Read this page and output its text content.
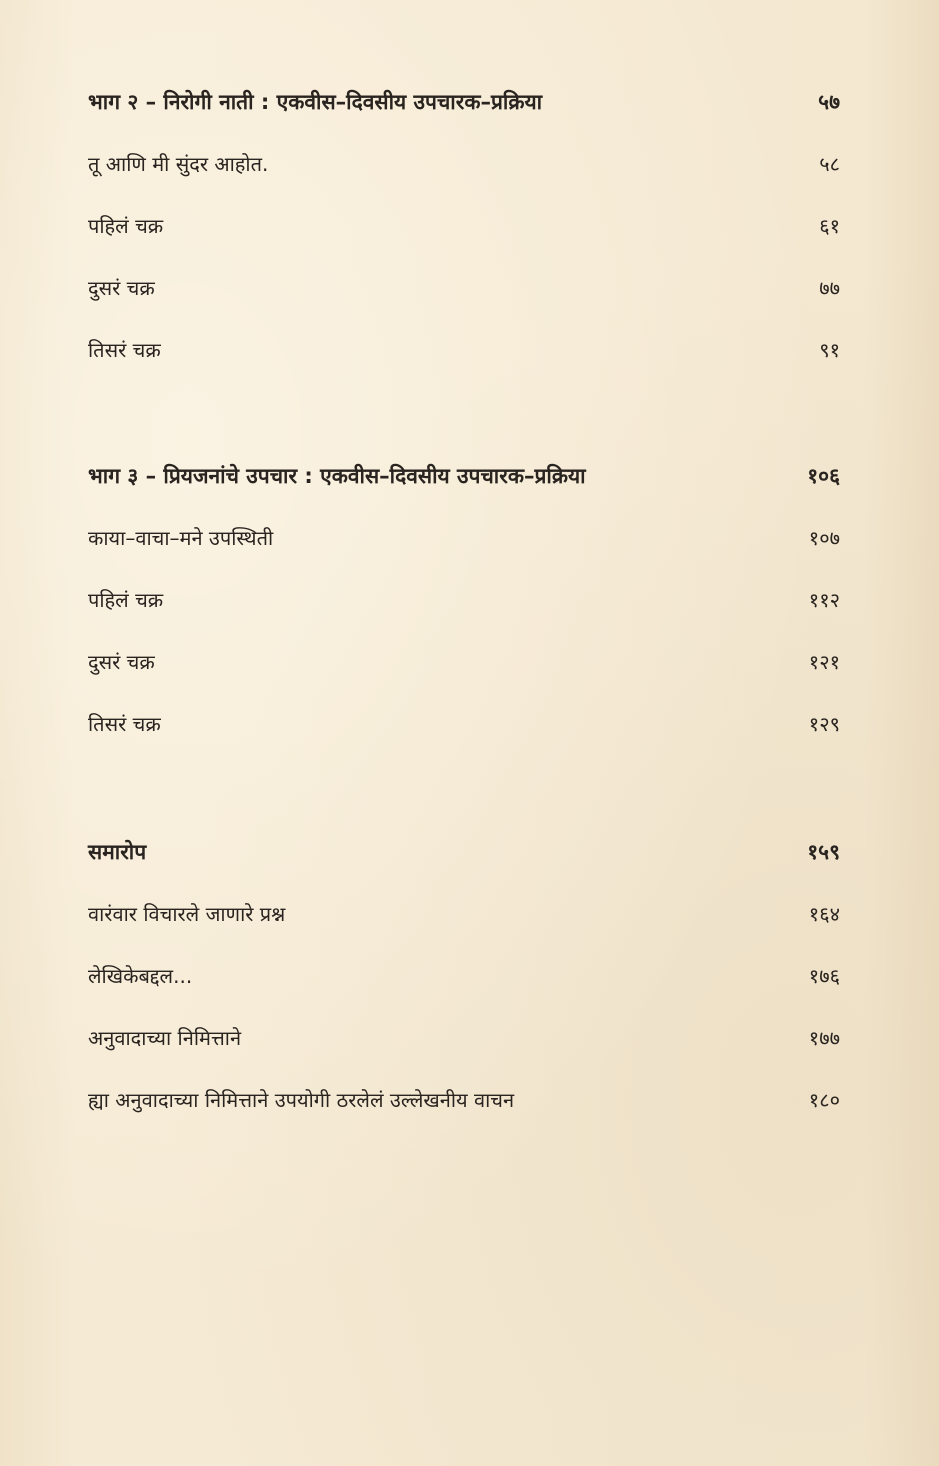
भाग २ – निरोगी नाती : एकवीस–दिवसीय उपचारक–प्रक्रिया	५७
तू आणि मी सुंदर आहोत.	५८
पहिलं चक्र	६१
दुसरं चक्र	७७
तिसरं चक्र	९१
भाग ३ – प्रियजनांचे उपचार : एकवीस–दिवसीय उपचारक–प्रक्रिया	१०६
काया–वाचा–मने उपस्थिती	१०७
पहिलं चक्र	११२
दुसरं चक्र	१२१
तिसरं चक्र	१२९
समारोप	१५९
वारंवार विचारले जाणारे प्रश्न	१६४
लेखिकेबद्दल...	१७६
अनुवादाच्या निमित्ताने	१७७
ह्या अनुवादाच्या निमित्ताने उपयोगी ठरलेलं उल्लेखनीय वाचन	१८०
